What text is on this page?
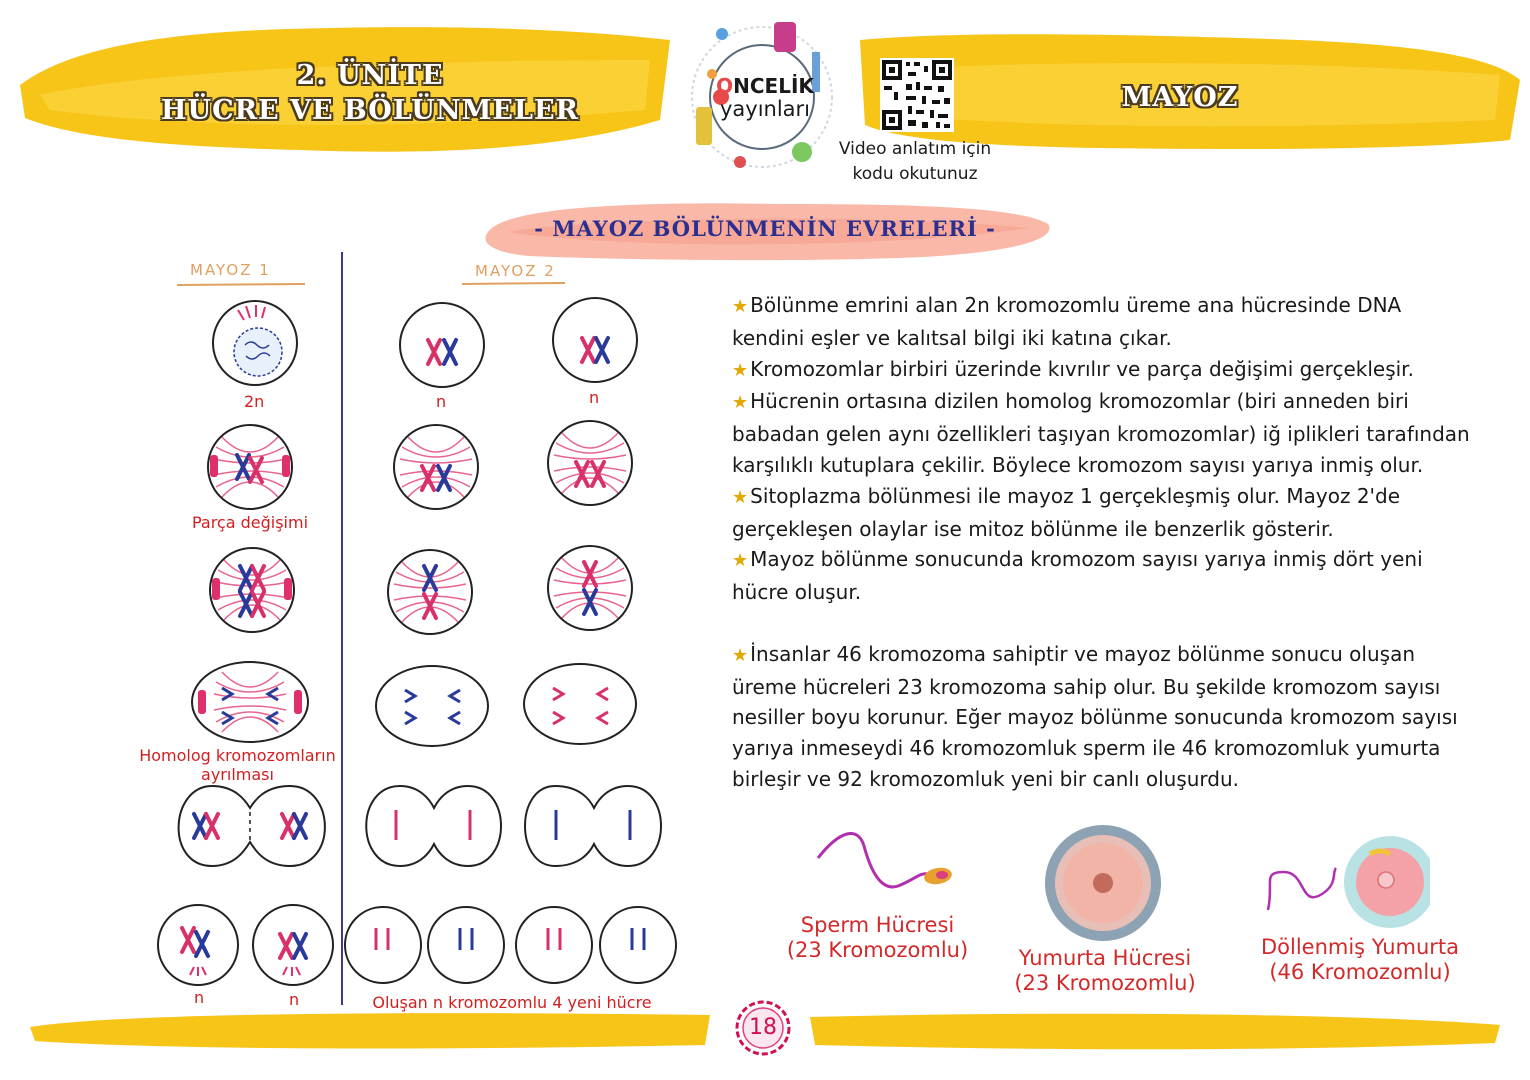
2. ÜNİTE
HÜCRE VE BÖLÜNMELER	MAYOZ
ONCELİK
yayınları
Video anlatım için
kodu okutunuz
- MAYOZ BÖLÜNMENİN EVRELERİ -
MAYOZ 1	MAYOZ 2
2n	n	n
Parça değişimi
Homolog kromozomların
ayrılması
n	n	Oluşan n kromozomlu 4 yeni hücre

★ Bölünme emrini alan 2n kromozomlu üreme ana hücresinde DNA kendini eşler ve kalıtsal bilgi iki katına çıkar.

★ Kromozomlar birbiri üzerinde kıvrılır ve parça değişimi gerçekleşir.

★ Hücrenin ortasına dizilen homolog kromozomlar (biri anneden biri babadan gelen aynı özellikleri taşıyan kromozomlar) iğ iplikleri tarafından karşılıklı kutuplara çekilir. Böylece kromozom sayısı yarıya inmiş olur.

★ Sitoplazma bölünmesi ile mayoz 1 gerçekleşmiş olur. Mayoz 2'de gerçekleşen olaylar ise mitoz bölünme ile benzerlik gösterir.

★ Mayoz bölünme sonucunda kromozom sayısı yarıya inmiş dört yeni hücre oluşur.

★ İnsanlar 46 kromozoma sahiptir ve mayoz bölünme sonucu oluşan üreme hücreleri 23 kromozoma sahip olur. Bu şekilde kromozom sayısı nesiller boyu korunur. Eğer mayoz bölünme sonucunda kromozom sayısı yarıya inmeseydi 46 kromozomluk sperm ile 46 kromozomluk yumurta birleşir ve 92 kromozomluk yeni bir canlı oluşurdu.

Sperm Hücresi
(23 Kromozomlu)	Yumurta Hücresi
(23 Kromozomlu)
Döllenmiş Yumurta
(46 Kromozomlu)
18
